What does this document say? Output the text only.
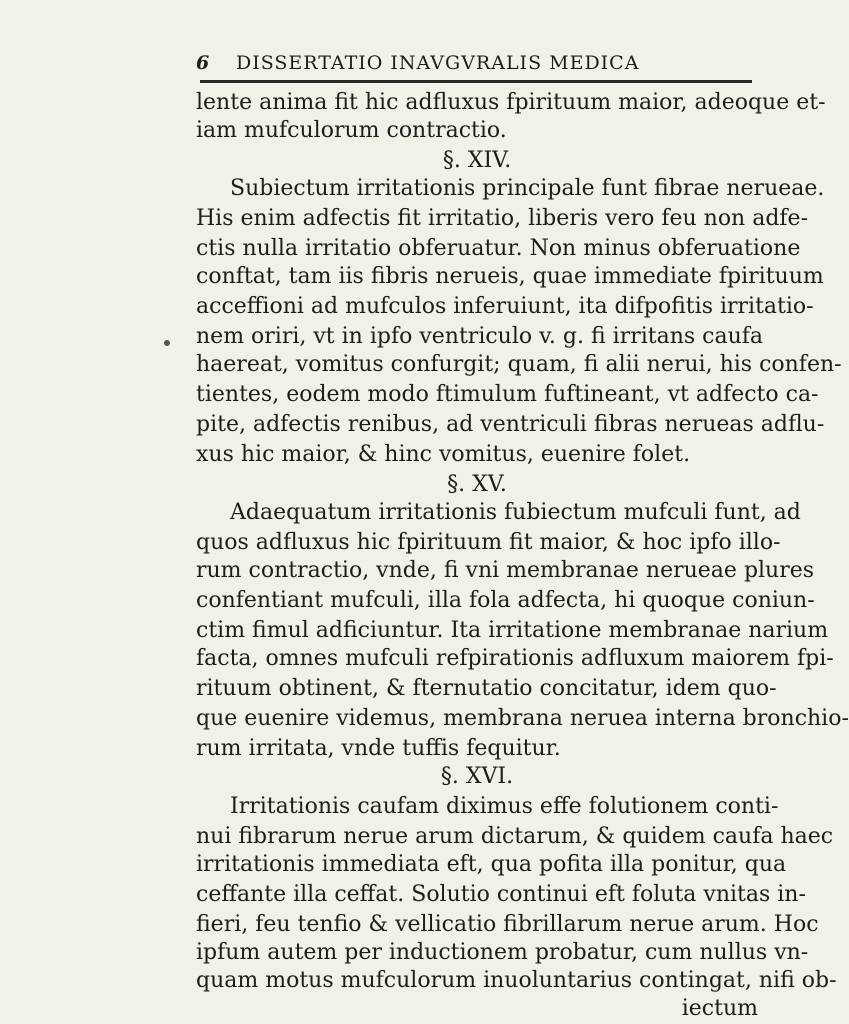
6 DISSERTATIO INAVGVRALIS MEDICA
lente anima fit hic adfluxus fpirituum maior, adeoque et-
iam mufculorum contractio.
§. XIV.
Subiectum irritationis principale funt fibrae nerueae.
His enim adfectis fit irritatio, liberis vero feu non adfe-
ctis nulla irritatio obferuatur. Non minus obferuatione
conftat, tam iis fibris nerueis, quae immediate fpirituum
acceffioni ad mufculos inferuiunt, ita difpofitis irritatio-
nem oriri, vt in ipfo ventriculo v. g. fi irritans caufa
haereat, vomitus confurgit; quam, fi alii nerui, his confen-
tientes, eodem modo ftimulum fuftineant, vt adfecto ca-
pite, adfectis renibus, ad ventriculi fibras nerueas adflu-
xus hic maior, & hinc vomitus, euenire folet.
§. XV.
Adaequatum irritationis fubiectum mufculi funt, ad
quos adfluxus hic fpirituum fit maior, & hoc ipfo illo-
rum contractio, vnde, fi vni membranae nerueae plures
confentiant mufculi, illa fola adfecta, hi quoque coniun-
ctim fimul adficiuntur. Ita irritatione membranae narium
facta, omnes mufculi refpirationis adfluxum maiorem fpi-
rituum obtinent, & fternutatio concitatur, idem quo-
que euenire videmus, membrana neruea interna bronchio-
rum irritata, vnde tuffis fequitur.
§. XVI.
Irritationis caufam diximus effe folutionem conti-
nui fibrarum nerue arum dictarum, & quidem caufa haec
irritationis immediata eft, qua pofita illa ponitur, qua
ceffante illa ceffat. Solutio continui eft foluta vnitas in-
fieri, feu tenfio & vellicatio fibrillarum nerue arum. Hoc
ipfum autem per inductionem probatur, cum nullus vn-
quam motus mufculorum inuoluntarius contingat, nifi ob-
iectum
